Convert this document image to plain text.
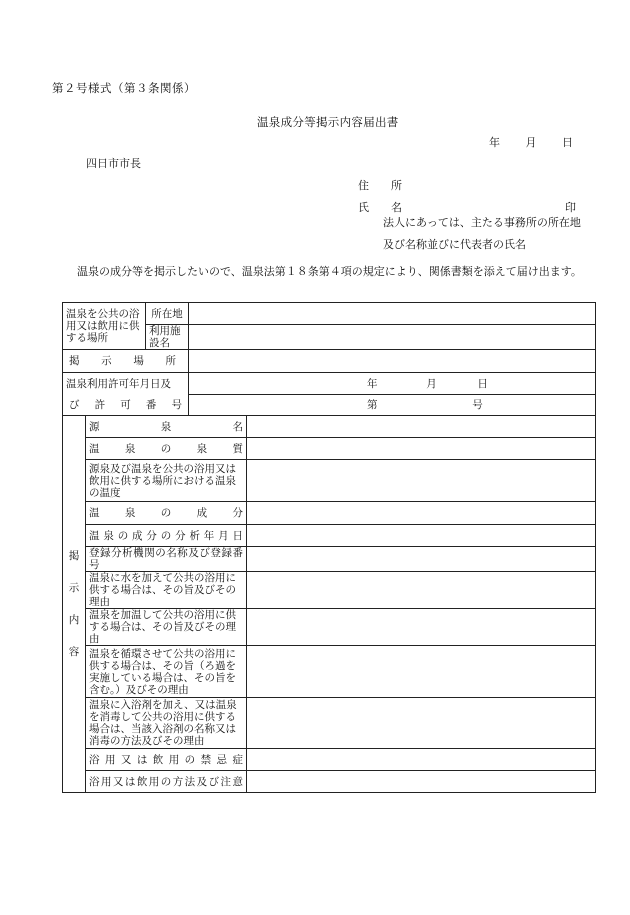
第２号様式（第３条関係）
温泉成分等掲示内容届出書
年 月 日
四日市市長
住　　所
氏　　名	印
法人にあっては、主たる事務所の所在地
及び名称並びに代表者の氏名
温泉の成分等を掲示したいので、温泉法第１８条第４項の規定により、関係書類を添えて届け出ます。
温泉を公共の浴用又は飲用に供する場所		所在地		
		利用施設名		
掲示場所				
温泉利用許可年月日及			年 月 日	
び許可番号			第 号	

掲
示
内
容	源泉名			
	温泉の泉質			
	源泉及び温泉を公共の浴用又は飲用に供する場所における温泉の温度			
	温泉の成分			
	温泉の成分の分析年月日			
	登録分析機関の名称及び登録番号			
	温泉に水を加えて公共の浴用に供する場合は、その旨及びその理由			
	温泉を加温して公共の浴用に供する場合は、その旨及びその理由			
	温泉を循環させて公共の浴用に供する場合は、その旨（ろ過を実施している場合は、その旨を含む。）及びその理由			
	温泉に入浴剤を加え、又は温泉を消毒して公共の浴用に供する場合は、当該入浴剤の名称又は消毒の方法及びその理由			
	浴用又は飲用の禁忌症			
	浴用又は飲用の方法及び注意			
